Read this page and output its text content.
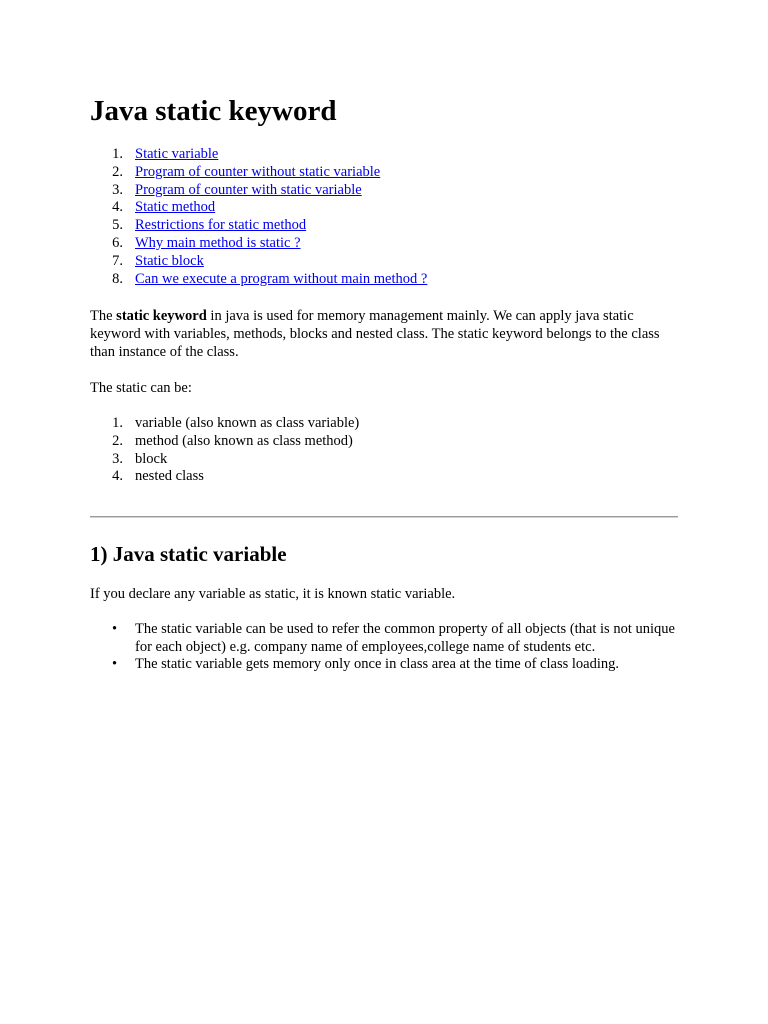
Java static keyword
1. Static variable
2. Program of counter without static variable
3. Program of counter with static variable
4. Static method
5. Restrictions for static method
6. Why main method is static ?
7. Static block
8. Can we execute a program without main method ?

The static keyword in java is used for memory management mainly. We can apply java static keyword with variables, methods, blocks and nested class. The static keyword belongs to the class than instance of the class.

The static can be:

1. variable (also known as class variable)
2. method (also known as class method)
3. block
4. nested class
1) Java static variable

If you declare any variable as static, it is known static variable.

• The static variable can be used to refer the common property of all objects (that is not unique for each object) e.g. company name of employees,college name of students etc.
• The static variable gets memory only once in class area at the time of class loading.
